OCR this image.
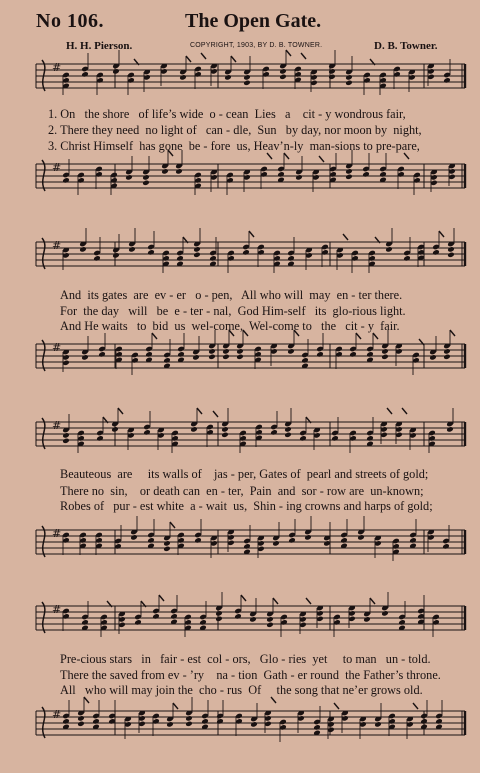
No 106.	The Open Gate.
H. H. Pierson.	COPYRIGHT, 1903, BY D. B. TOWNER.	D. B. Towner.
#
1. On   the shore   of life’s wide  o - cean  Lies   a    cit - y wondrous fair,
2. There they need  no light of   can - dle,  Sun   by day, nor moon by  night,
3. Christ Himself  has gone  be - fore  us, Heav’n-ly  man-sions to pre-pare,
#
#
And  its gates  are  ev - er   o - pen,   All who will  may  en - ter there.
For  the day   will   be  e - ter - nal,  God Him-self   its  glo-rious light.
And He waits   to  bid  us  wel-come,  Wel-come to   the   cit - y  fair.
#
#
Beauteous  are     its walls of    jas - per, Gates of  pearl and streets of gold;
There no  sin,    or death can  en - ter,  Pain  and  sor - row are  un-known;
Robes of   pur - est white  a - wait  us,  Shin - ing crowns and harps of gold;
#
#
Pre-cious stars   in   fair - est  col - ors,   Glo - ries  yet     to man   un - told.
There the saved from ev - ’ry    na - tion  Gath - er round  the Father’s throne.
All   who will may join the  cho - rus  Of     the song that ne’er grows old.
#
